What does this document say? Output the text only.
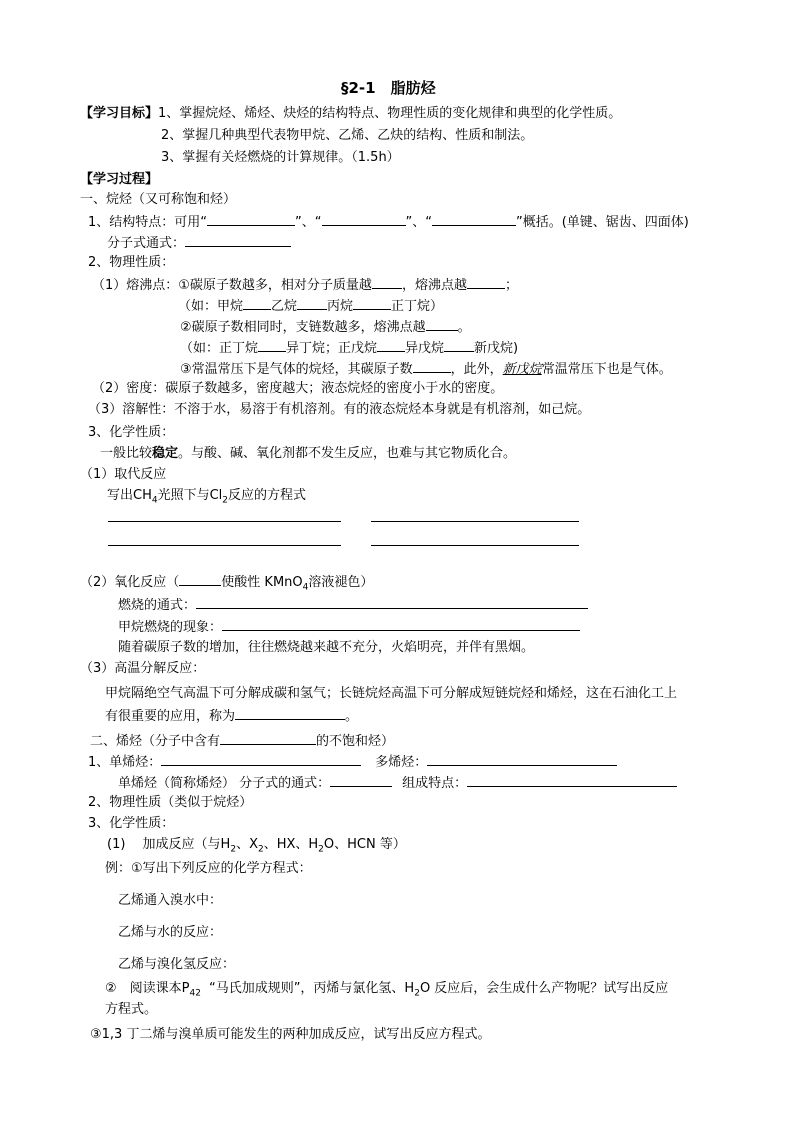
§2-1　脂肪烃
【学习目标】1、掌握烷烃、烯烃、炔烃的结构特点、物理性质的变化规律和典型的化学性质。
2、掌握几种典型代表物甲烷、乙烯、乙炔的结构、性质和制法。
3、掌握有关烃燃烧的计算规律。（1.5h）
【学习过程】
一、烷烃（又可称饱和烃）
1、结构特点：可用“	”、“	”、“	”概括。(单键、锯齿、四面体)
分子式通式：
2、物理性质：
（1）熔沸点：①碳原子数越多，相对分子质量越 ，熔沸点越	；
（如：甲烷 乙烷 丙烷	正丁烷）
②碳原子数相同时，支链数越多，熔沸点越 。
（如：正丁烷 异丁烷；正戊烷 异戊烷 新戊烷)
③常温常压下是气体的烷烃，其碳原子数	，此外，新戊烷常温常压下也是气体。
（2）密度：碳原子数越多，密度越大；液态烷烃的密度小于水的密度。
（3）溶解性：不溶于水，易溶于有机溶剂。有的液态烷烃本身就是有机溶剂，如己烷。
3、化学性质：
一般比较稳定。与酸、碱、氧化剂都不发生反应，也难与其它物质化合。
（1）取代反应
写出$CH_4$光照下与$Cl_2$反应的方程式
（2）氧化反应（	使酸性 KMnO$_4$溶液褪色）
燃烧的通式：
甲烷燃烧的现象：
随着碳原子数的增加，往往燃烧越来越不充分，火焰明亮，并伴有黑烟。
（3）高温分解反应：
甲烷隔绝空气高温下可分解成碳和氢气；长链烷烃高温下可分解成短链烷烃和烯烃，这在石油化工上
有很重要的应用，称为	。
二、烯烃（分子中含有	的不饱和烃）
1、单烯烃：	多烯烃：
单烯烃（简称烯烃） 分子式的通式：	组成特点：
2、物理性质（类似于烷烃）
3、化学性质：
(1)　 加成反应（与$H_2$、$X_2$、HX、$H_2O$、HCN 等）
例：①写出下列反应的化学方程式：
乙烯通入溴水中：
乙烯与水的反应：
乙烯与溴化氢反应：
②　阅读课本$P_{42}$ “马氏加成规则”，丙烯与氯化氢、$H_2O$ 反应后，会生成什么产物呢？试写出反应
方程式。
③1,3 丁二烯与溴单质可能发生的两种加成反应，试写出反应方程式。
